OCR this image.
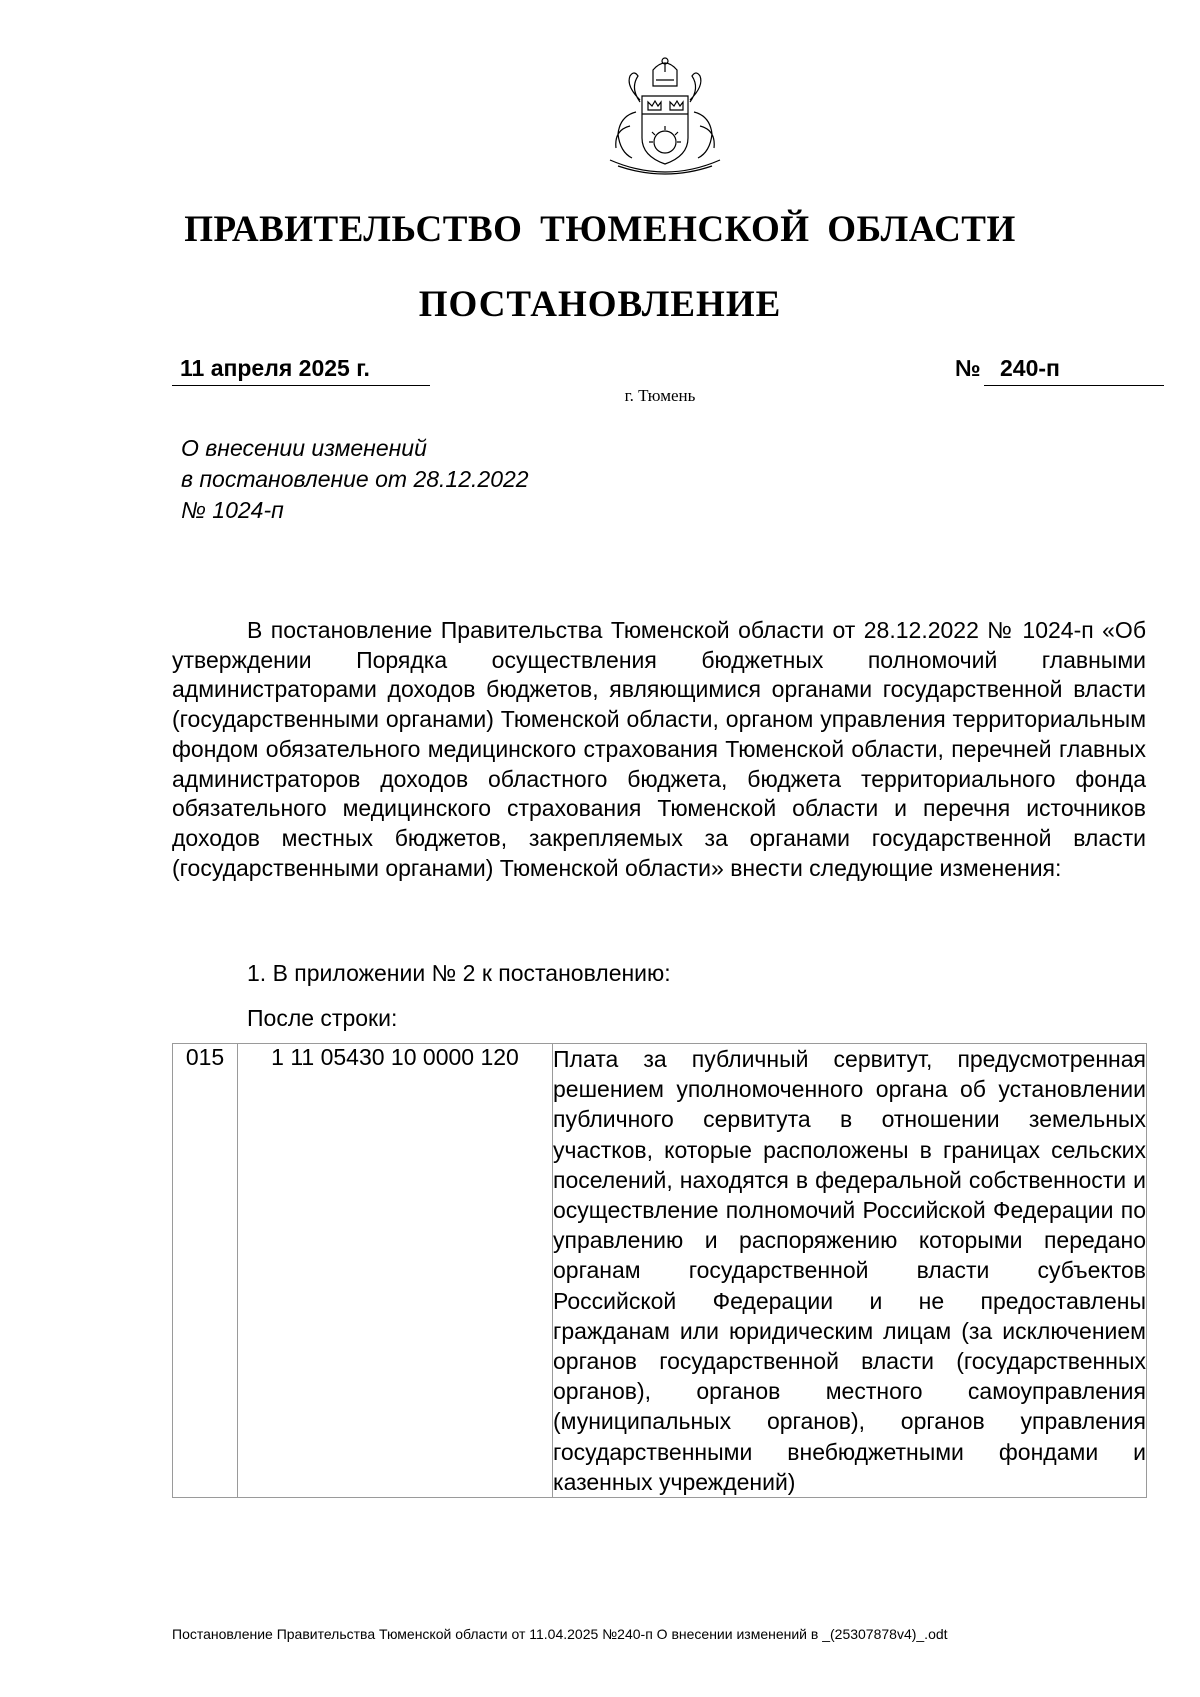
ПРАВИТЕЛЬСТВО ТЮМЕНСКОЙ ОБЛАСТИ
ПОСТАНОВЛЕНИЕ
11 апреля 2025 г.	№ 240-п
г. Тюмень
О внесении изменений
в постановление от 28.12.2022
№ 1024-п
В постановление Правительства Тюменской области от 28.12.2022 № 1024-п «Об утверждении Порядка осуществления бюджетных полномочий главными администраторами доходов бюджетов, являющимися органами государственной власти (государственными органами) Тюменской области, органом управления территориальным фондом обязательного медицинского страхования Тюменской области, перечней главных администраторов доходов областного бюджета, бюджета территориального фонда обязательного медицинского страхования Тюменской области и перечня источников доходов местных бюджетов, закрепляемых за органами государственной власти (государственными органами) Тюменской области» внести следующие изменения:
1. В приложении № 2 к постановлению:
После строки:
015	1 11 05430 10 0000 120	Плата за публичный сервитут, предусмотренная решением уполномоченного органа об установлении публичного сервитута в отношении земельных участков, которые расположены в границах сельских поселений, находятся в федеральной собственности и осуществление полномочий Российской Федерации по управлению и распоряжению которыми передано органам государственной власти субъектов Российской Федерации и не предоставлены гражданам или юридическим лицам (за исключением органов государственной власти (государственных органов), органов местного самоуправления (муниципальных органов), органов управления государственными внебюджетными фондами и казенных учреждений)
Постановление Правительства Тюменской области от 11.04.2025 №240-п О внесении изменений в _(25307878v4)_.odt
